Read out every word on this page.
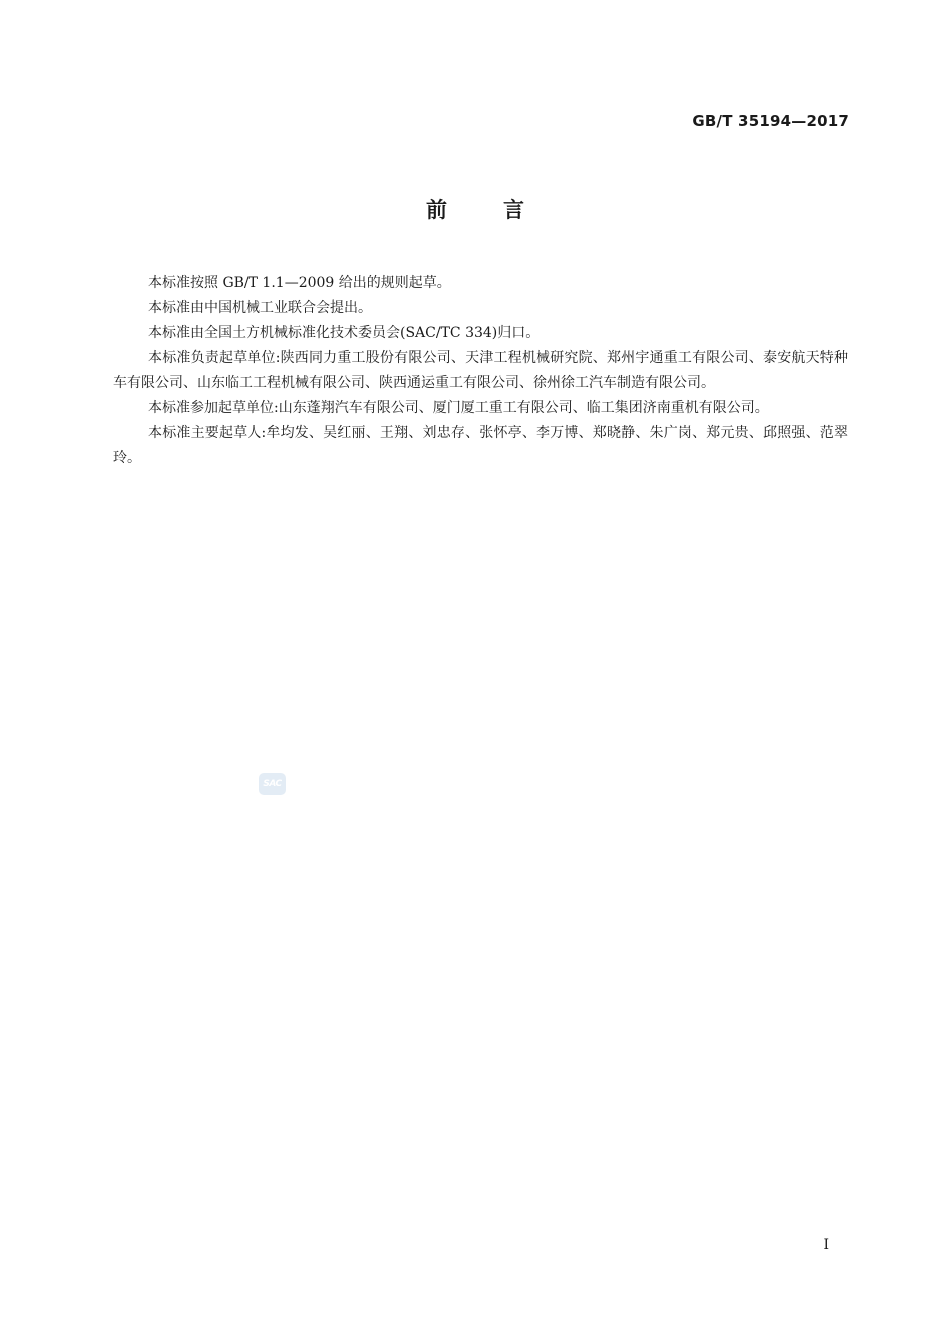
GB/T 35194—2017
前言

本标准按照 GB/T 1.1—2009 给出的规则起草。

本标准由中国机械工业联合会提出。

本标准由全国土方机械标准化技术委员会(SAC/TC 334)归口。

本标准负责起草单位:陕西同力重工股份有限公司、天津工程机械研究院、郑州宇通重工有限公司、泰安航天特种车有限公司、山东临工工程机械有限公司、陕西通运重工有限公司、徐州徐工汽车制造有限公司。

本标准参加起草单位:山东蓬翔汽车有限公司、厦门厦工重工有限公司、临工集团济南重机有限公司。

本标准主要起草人:牟均发、吴红丽、王翔、刘忠存、张怀亭、李万博、郑晓静、朱广岗、郑元贵、邱照强、范翠玲。

SAC
I
